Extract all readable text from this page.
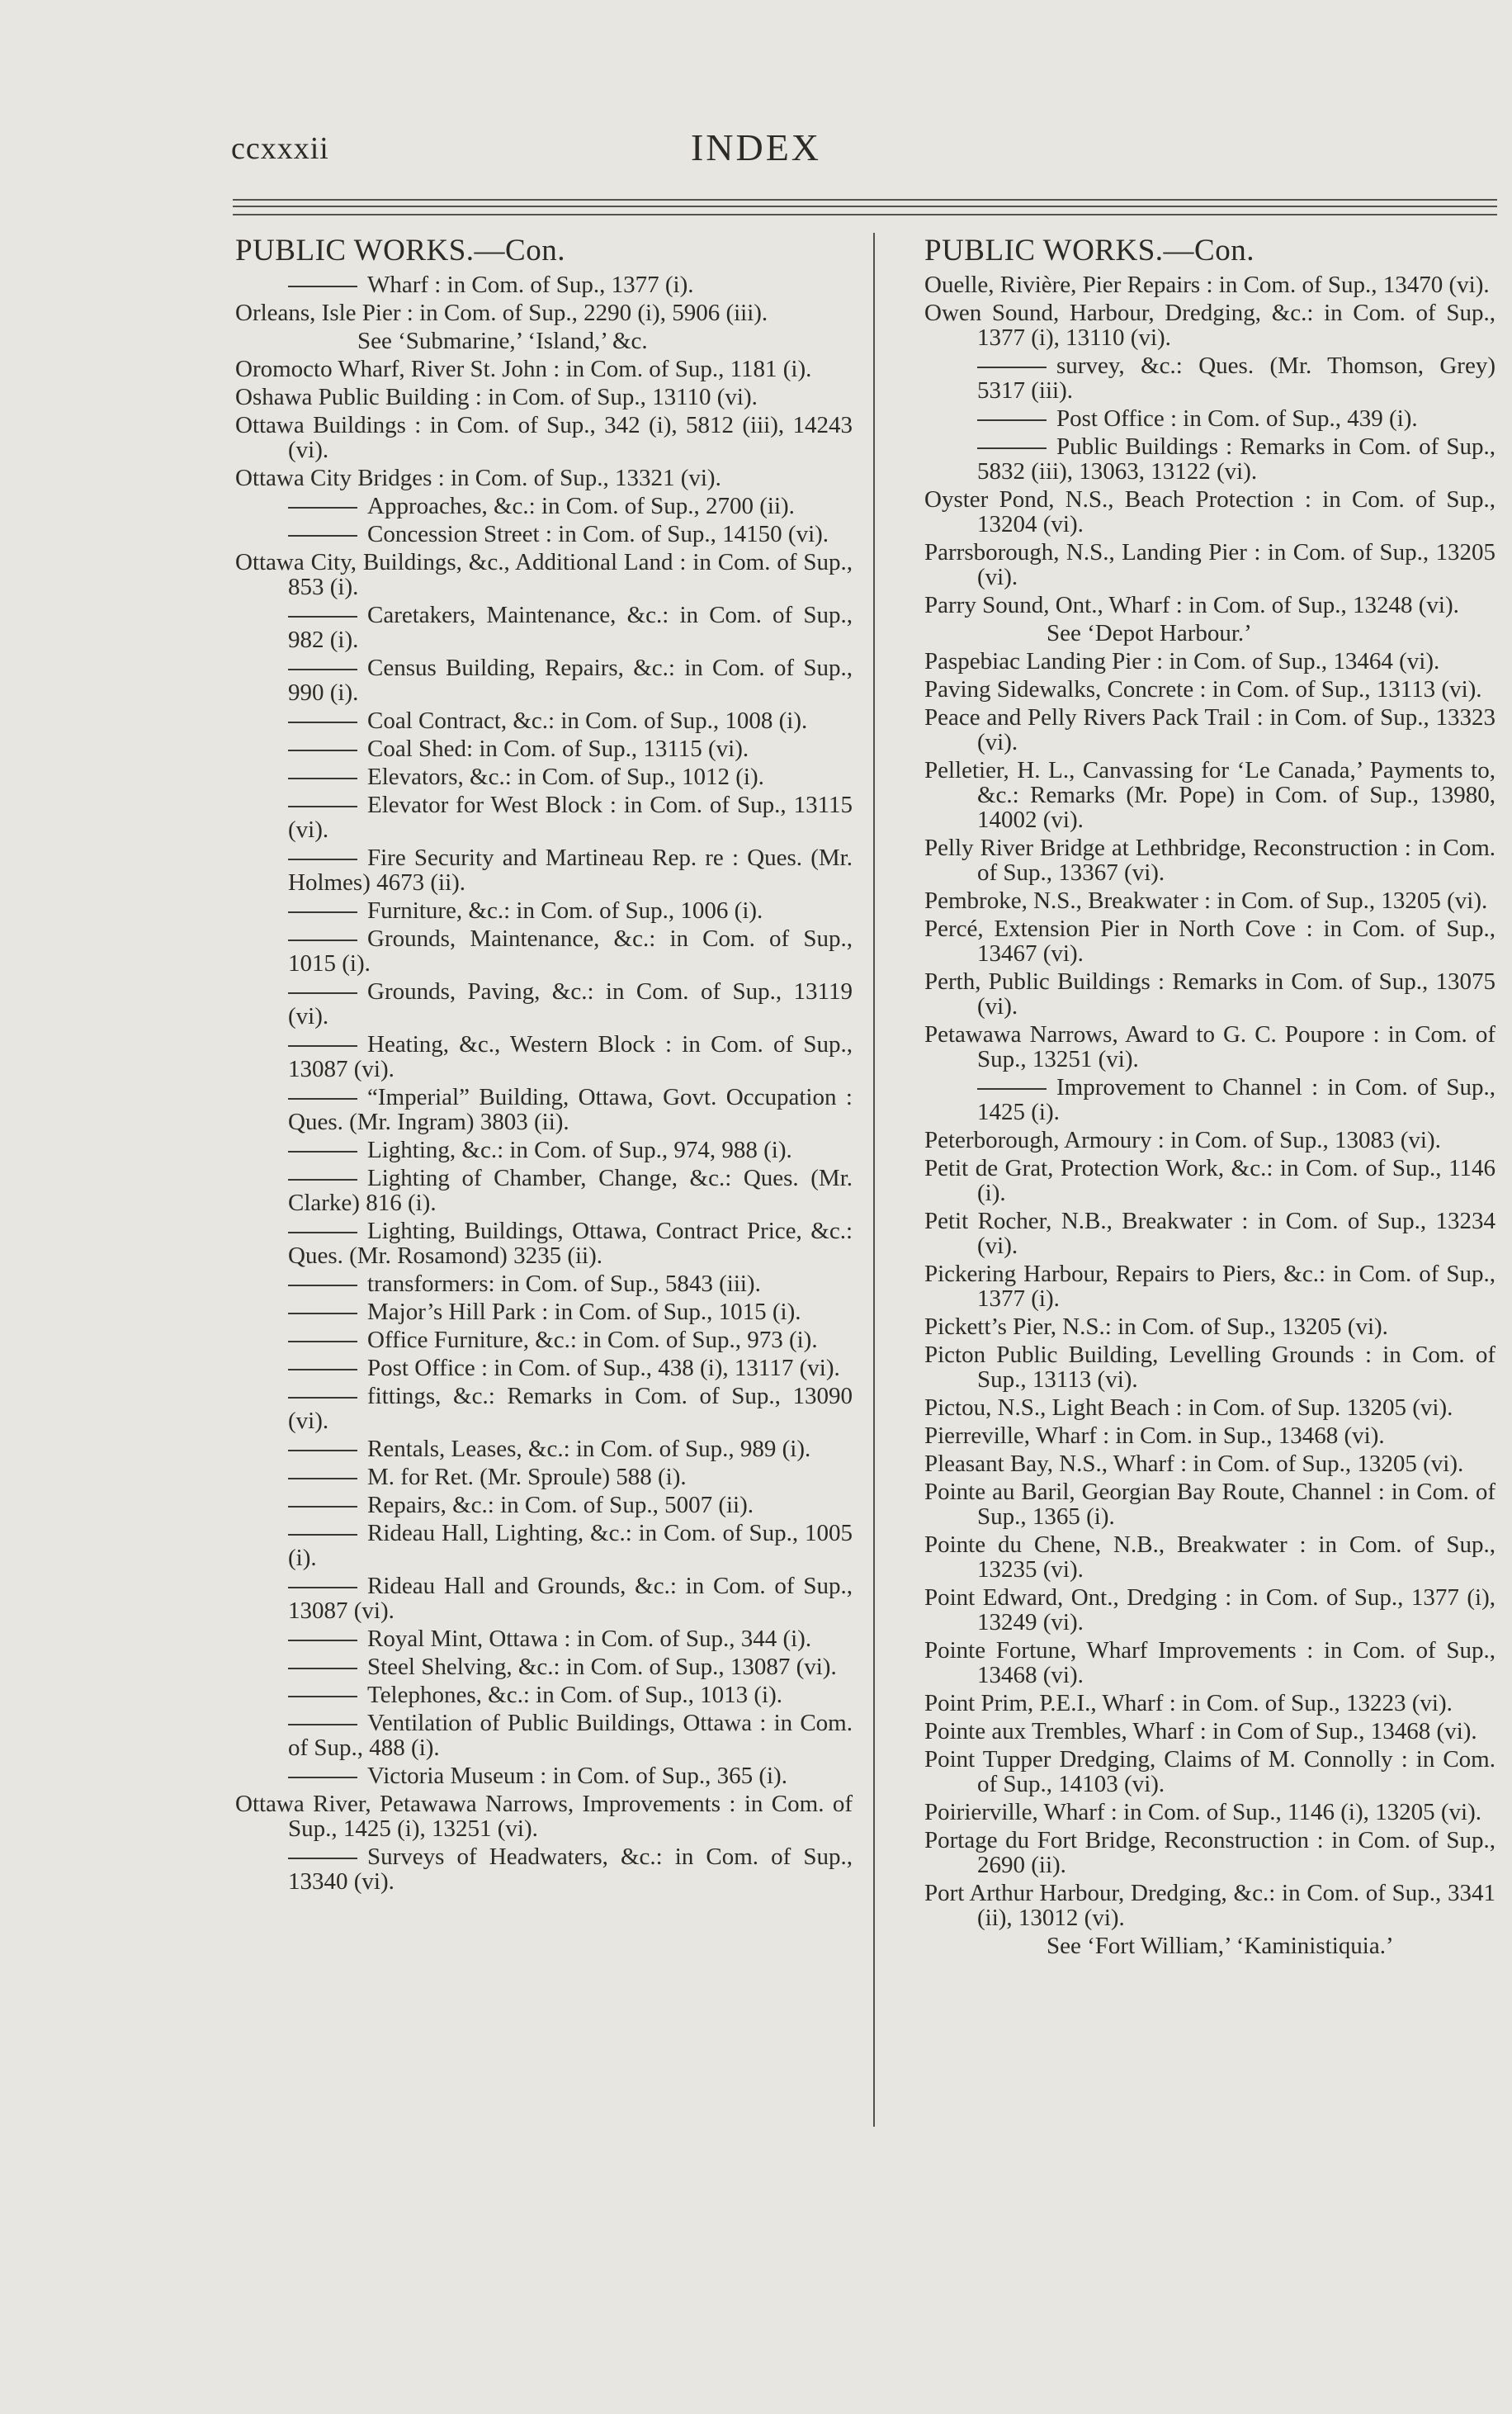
ccxxxii	INDEX
PUBLIC WORKS.—Con.
Wharf : in Com. of Sup., 1377 (i).
Orleans, Isle Pier : in Com. of Sup., 2290 (i), 5906 (iii).
See ‘Submarine,’ ‘Island,’ &c.
Oromocto Wharf, River St. John : in Com. of Sup., 1181 (i).
Oshawa Public Building : in Com. of Sup., 13110 (vi).
Ottawa Buildings : in Com. of Sup., 342 (i), 5812 (iii), 14243 (vi).
Ottawa City Bridges : in Com. of Sup., 13321 (vi).
Approaches, &c.: in Com. of Sup., 2700 (ii).
Concession Street : in Com. of Sup., 14150 (vi).
Ottawa City, Buildings, &c., Additional Land : in Com. of Sup., 853 (i).
Caretakers, Maintenance, &c.: in Com. of Sup., 982 (i).
Census Building, Repairs, &c.: in Com. of Sup., 990 (i).
Coal Contract, &c.: in Com. of Sup., 1008 (i).
Coal Shed: in Com. of Sup., 13115 (vi).
Elevators, &c.: in Com. of Sup., 1012 (i).
Elevator for West Block : in Com. of Sup., 13115 (vi).
Fire Security and Martineau Rep. re : Ques. (Mr. Holmes) 4673 (ii).
Furniture, &c.: in Com. of Sup., 1006 (i).
Grounds, Maintenance, &c.: in Com. of Sup., 1015 (i).
Grounds, Paving, &c.: in Com. of Sup., 13119 (vi).
Heating, &c., Western Block : in Com. of Sup., 13087 (vi).
“Imperial” Building, Ottawa, Govt. Occupation : Ques. (Mr. Ingram) 3803 (ii).
Lighting, &c.: in Com. of Sup., 974, 988 (i).
Lighting of Chamber, Change, &c.: Ques. (Mr. Clarke) 816 (i).
Lighting, Buildings, Ottawa, Contract Price, &c.: Ques. (Mr. Rosamond) 3235 (ii).
transformers: in Com. of Sup., 5843 (iii).
Major’s Hill Park : in Com. of Sup., 1015 (i).
Office Furniture, &c.: in Com. of Sup., 973 (i).
Post Office : in Com. of Sup., 438 (i), 13117 (vi).
fittings, &c.: Remarks in Com. of Sup., 13090 (vi).
Rentals, Leases, &c.: in Com. of Sup., 989 (i).
M. for Ret. (Mr. Sproule) 588 (i).
Repairs, &c.: in Com. of Sup., 5007 (ii).
Rideau Hall, Lighting, &c.: in Com. of Sup., 1005 (i).
Rideau Hall and Grounds, &c.: in Com. of Sup., 13087 (vi).
Royal Mint, Ottawa : in Com. of Sup., 344 (i).
Steel Shelving, &c.: in Com. of Sup., 13087 (vi).
Telephones, &c.: in Com. of Sup., 1013 (i).
Ventilation of Public Buildings, Ottawa : in Com. of Sup., 488 (i).
Victoria Museum : in Com. of Sup., 365 (i).
Ottawa River, Petawawa Narrows, Improvements : in Com. of Sup., 1425 (i), 13251 (vi).
Surveys of Headwaters, &c.: in Com. of Sup., 13340 (vi).
PUBLIC WORKS.—Con.
Ouelle, Rivière, Pier Repairs : in Com. of Sup., 13470 (vi).
Owen Sound, Harbour, Dredging, &c.: in Com. of Sup., 1377 (i), 13110 (vi).
survey, &c.: Ques. (Mr. Thomson, Grey) 5317 (iii).
Post Office : in Com. of Sup., 439 (i).
Public Buildings : Remarks in Com. of Sup., 5832 (iii), 13063, 13122 (vi).
Oyster Pond, N.S., Beach Protection : in Com. of Sup., 13204 (vi).
Parrsborough, N.S., Landing Pier : in Com. of Sup., 13205 (vi).
Parry Sound, Ont., Wharf : in Com. of Sup., 13248 (vi).
See ‘Depot Harbour.’
Paspebiac Landing Pier : in Com. of Sup., 13464 (vi).
Paving Sidewalks, Concrete : in Com. of Sup., 13113 (vi).
Peace and Pelly Rivers Pack Trail : in Com. of Sup., 13323 (vi).
Pelletier, H. L., Canvassing for ‘Le Canada,’ Payments to, &c.: Remarks (Mr. Pope) in Com. of Sup., 13980, 14002 (vi).
Pelly River Bridge at Lethbridge, Reconstruction : in Com. of Sup., 13367 (vi).
Pembroke, N.S., Breakwater : in Com. of Sup., 13205 (vi).
Percé, Extension Pier in North Cove : in Com. of Sup., 13467 (vi).
Perth, Public Buildings : Remarks in Com. of Sup., 13075 (vi).
Petawawa Narrows, Award to G. C. Poupore : in Com. of Sup., 13251 (vi).
Improvement to Channel : in Com. of Sup., 1425 (i).
Peterborough, Armoury : in Com. of Sup., 13083 (vi).
Petit de Grat, Protection Work, &c.: in Com. of Sup., 1146 (i).
Petit Rocher, N.B., Breakwater : in Com. of Sup., 13234 (vi).
Pickering Harbour, Repairs to Piers, &c.: in Com. of Sup., 1377 (i).
Pickett’s Pier, N.S.: in Com. of Sup., 13205 (vi).
Picton Public Building, Levelling Grounds : in Com. of Sup., 13113 (vi).
Pictou, N.S., Light Beach : in Com. of Sup. 13205 (vi).
Pierreville, Wharf : in Com. in Sup., 13468 (vi).
Pleasant Bay, N.S., Wharf : in Com. of Sup., 13205 (vi).
Pointe au Baril, Georgian Bay Route, Channel : in Com. of Sup., 1365 (i).
Pointe du Chene, N.B., Breakwater : in Com. of Sup., 13235 (vi).
Point Edward, Ont., Dredging : in Com. of Sup., 1377 (i), 13249 (vi).
Pointe Fortune, Wharf Improvements : in Com. of Sup., 13468 (vi).
Point Prim, P.E.I., Wharf : in Com. of Sup., 13223 (vi).
Pointe aux Trembles, Wharf : in Com of Sup., 13468 (vi).
Point Tupper Dredging, Claims of M. Connolly : in Com. of Sup., 14103 (vi).
Poirierville, Wharf : in Com. of Sup., 1146 (i), 13205 (vi).
Portage du Fort Bridge, Reconstruction : in Com. of Sup., 2690 (ii).
Port Arthur Harbour, Dredging, &c.: in Com. of Sup., 3341 (ii), 13012 (vi).
See ‘Fort William,’ ‘Kaministiquia.’
